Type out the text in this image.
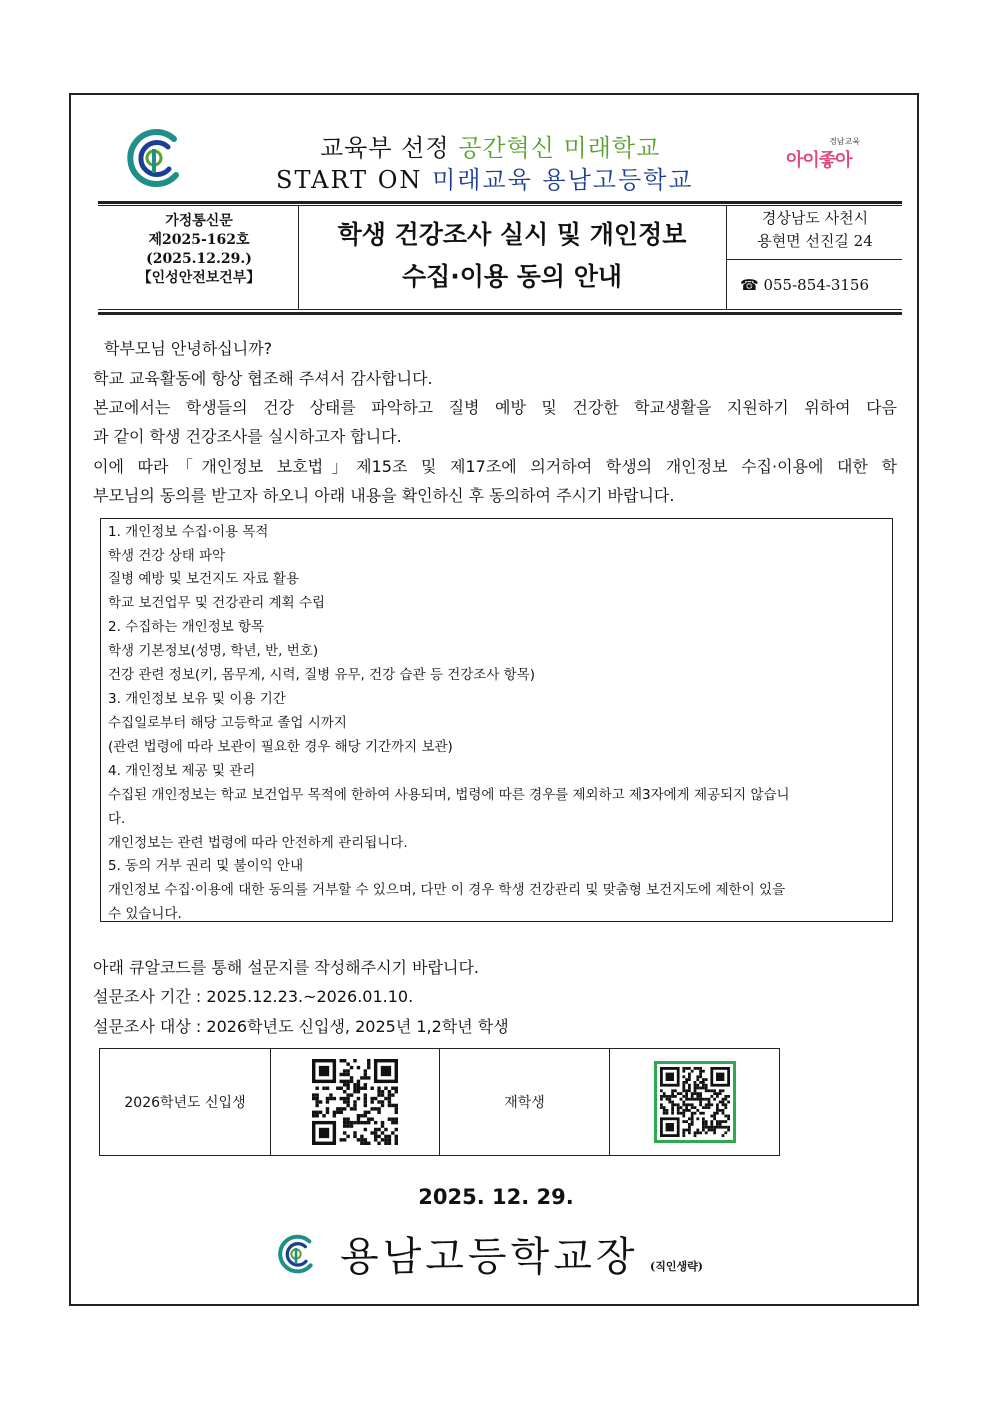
교육부 선정 공간혁신 미래학교
START ON 미래교육 용남고등학교
경남교육
아이좋아
가정통신문
제2025-162호
(2025.12.29.)
【인성안전보건부】
학생 건강조사 실시 및 개인정보
수집·이용 동의 안내
경상남도 사천시
용현면 선진길 24
☎ 055-854-3156
학부모님 안녕하십니까?
학교 교육활동에 항상 협조해 주셔서 감사합니다.
본교에서는 학생들의 건강 상태를 파악하고 질병 예방 및 건강한 학교생활을 지원하기 위하여 다음
과 같이 학생 건강조사를 실시하고자 합니다.
이에 따라「개인정보 보호법」제15조 및 제17조에 의거하여 학생의 개인정보 수집·이용에 대한 학
부모님의 동의를 받고자 하오니 아래 내용을 확인하신 후 동의하여 주시기 바랍니다.
1. 개인정보 수집·이용 목적
학생 건강 상태 파악
질병 예방 및 보건지도 자료 활용
학교 보건업무 및 건강관리 계획 수립
2. 수집하는 개인정보 항목
학생 기본정보(성명, 학년, 반, 번호)
건강 관련 정보(키, 몸무게, 시력, 질병 유무, 건강 습관 등 건강조사 항목)
3. 개인정보 보유 및 이용 기간
수집일로부터 해당 고등학교 졸업 시까지
(관련 법령에 따라 보관이 필요한 경우 해당 기간까지 보관)
4. 개인정보 제공 및 관리
수집된 개인정보는 학교 보건업무 목적에 한하여 사용되며, 법령에 따른 경우를 제외하고 제3자에게 제공되지 않습니
다.
개인정보는 관련 법령에 따라 안전하게 관리됩니다.
5. 동의 거부 권리 및 불이익 안내
개인정보 수집·이용에 대한 동의를 거부할 수 있으며, 다만 이 경우 학생 건강관리 및 맞춤형 보건지도에 제한이 있을
수 있습니다.
아래 큐알코드를 통해 설문지를 작성해주시기 바랍니다.
설문조사 기간 : 2025.12.23.~2026.01.10.
설문조사 대상 : 2026학년도 신입생, 2025년 1,2학년 학생
2026학년도 신입생	재학생
2025. 12. 29.
용남고등학교장 (직인생략)
